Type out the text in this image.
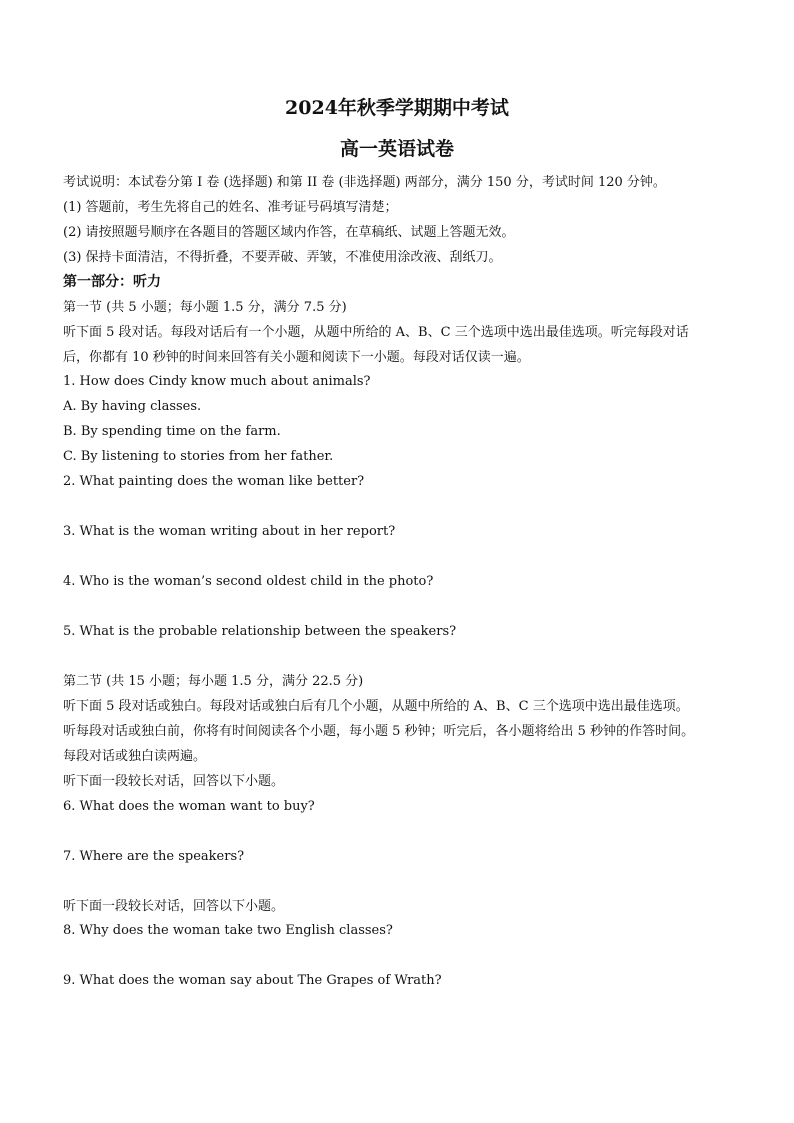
2024年秋季学期期中考试
高一英语试卷
考试说明：本试卷分第 I 卷 (选择题) 和第 II 卷 (非选择题) 两部分，满分 150 分，考试时间 120 分钟。
(1) 答题前，考生先将自己的姓名、准考证号码填写清楚；
(2) 请按照题号顺序在各题目的答题区域内作答，在草稿纸、试题上答题无效。
(3) 保持卡面清洁，不得折叠，不要弄破、弄皱，不准使用涂改液、刮纸刀。
第一部分：听力
第一节 (共 5 小题；每小题 1.5 分，满分 7.5 分)
听下面 5 段对话。每段对话后有一个小题，从题中所给的 A、B、C 三个选项中选出最佳选项。听完每段对话
后，你都有 10 秒钟的时间来回答有关小题和阅读下一小题。每段对话仅读一遍。
1. How does Cindy know much about animals?
A. By having classes.
B. By spending time on the farm.
C. By listening to stories from her father.
2. What painting does the woman like better?
3. What is the woman writing about in her report?
4. Who is the woman’s second oldest child in the photo?
5. What is the probable relationship between the speakers?
第二节 (共 15 小题；每小题 1.5 分，满分 22.5 分)
听下面 5 段对话或独白。每段对话或独白后有几个小题，从题中所给的 A、B、C 三个选项中选出最佳选项。
听每段对话或独白前，你将有时间阅读各个小题，每小题 5 秒钟；听完后，各小题将给出 5 秒钟的作答时间。
每段对话或独白读两遍。
听下面一段较长对话，回答以下小题。
6. What does the woman want to buy?
7. Where are the speakers?
听下面一段较长对话，回答以下小题。
8. Why does the woman take two English classes?
9. What does the woman say about The Grapes of Wrath?
